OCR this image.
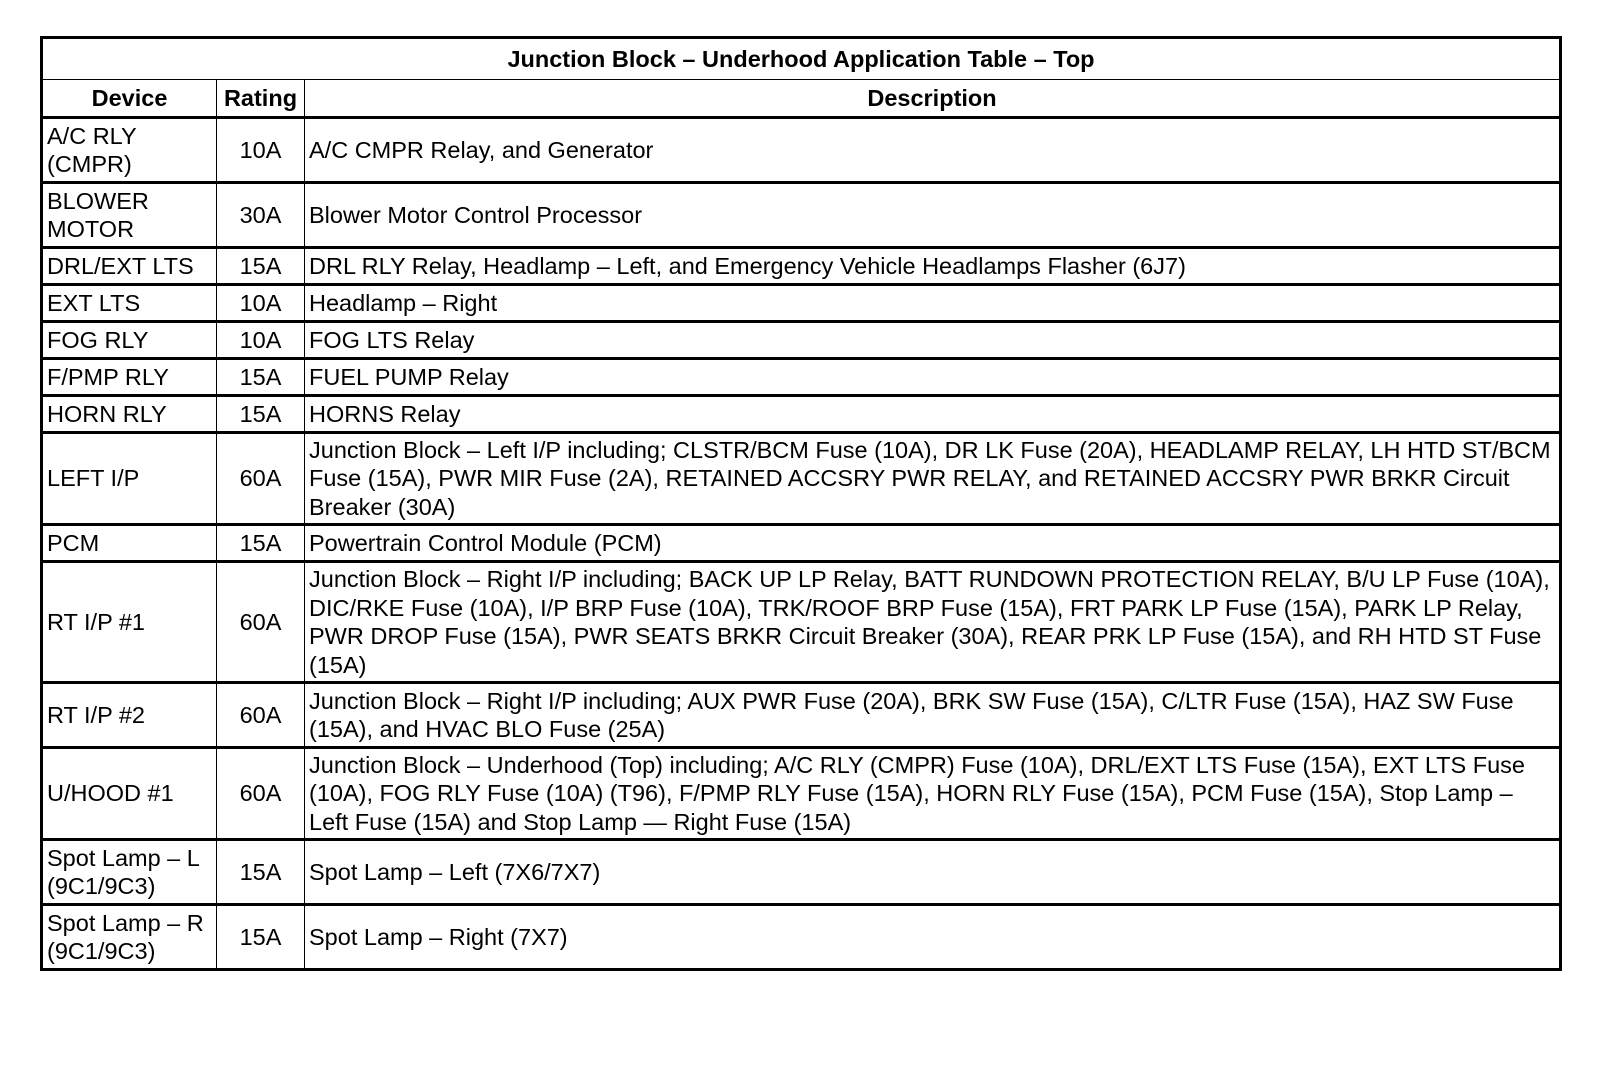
Junction Block – Underhood Application Table – Top		
Device	Rating	Description
A/C RLY (CMPR)	10A	A/C CMPR Relay, and Generator
BLOWER MOTOR	30A	Blower Motor Control Processor
DRL/EXT LTS	15A	DRL RLY Relay, Headlamp – Left, and Emergency Vehicle Headlamps Flasher (6J7)
EXT LTS	10A	Headlamp – Right
FOG RLY	10A	FOG LTS Relay
F/PMP RLY	15A	FUEL PUMP Relay
HORN RLY	15A	HORNS Relay
LEFT I/P	60A	Junction Block – Left I/P including; CLSTR/BCM Fuse (10A), DR LK Fuse (20A), HEADLAMP RELAY, LH HTD ST/BCM Fuse (15A), PWR MIR Fuse (2A), RETAINED ACCSRY PWR RELAY, and RETAINED ACCSRY PWR BRKR Circuit Breaker (30A)
PCM	15A	Powertrain Control Module (PCM)
RT I/P #1	60A	Junction Block – Right I/P including; BACK UP LP Relay, BATT RUNDOWN PROTECTION RELAY, B/U LP Fuse (10A), DIC/RKE Fuse (10A), I/P BRP Fuse (10A), TRK/ROOF BRP Fuse (15A), FRT PARK LP Fuse (15A), PARK LP Relay, PWR DROP Fuse (15A), PWR SEATS BRKR Circuit Breaker (30A), REAR PRK LP Fuse (15A), and RH HTD ST Fuse (15A)
RT I/P #2	60A	Junction Block – Right I/P including; AUX PWR Fuse (20A), BRK SW Fuse (15A), C/LTR Fuse (15A), HAZ SW Fuse (15A), and HVAC BLO Fuse (25A)
U/HOOD #1	60A	Junction Block – Underhood (Top) including; A/C RLY (CMPR) Fuse (10A), DRL/EXT LTS Fuse (15A), EXT LTS Fuse (10A), FOG RLY Fuse (10A) (T96), F/PMP RLY Fuse (15A), HORN RLY Fuse (15A), PCM Fuse (15A), Stop Lamp – Left Fuse (15A) and Stop Lamp — Right Fuse (15A)
Spot Lamp – L (9C1/9C3)	15A	Spot Lamp – Left (7X6/7X7)
Spot Lamp – R (9C1/9C3)	15A	Spot Lamp – Right (7X7)
